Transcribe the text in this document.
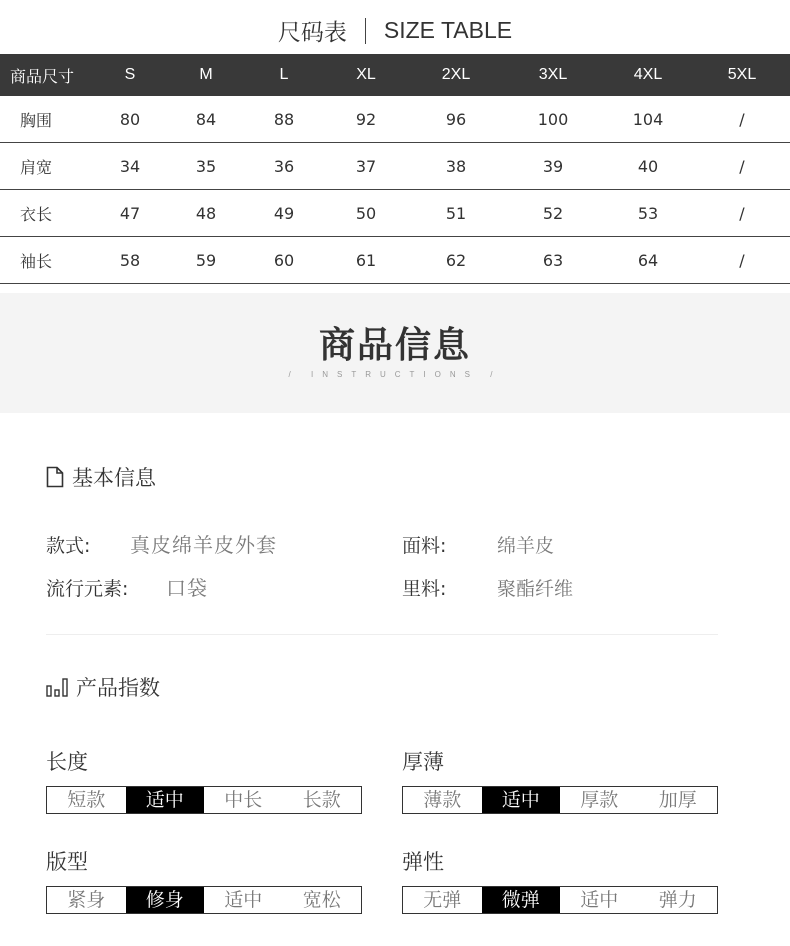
尺码表 SIZE TABLE
商品尺寸	S	M	L	XL	2XL	3XL	4XL	5XL
胸围	80	84	88	92	96	100	104	/
肩宽	34	35	36	37	38	39	40	/
衣长	47	48	49	50	51	52	53	/
袖长	58	59	60	61	62	63	64	/
商品信息
/ INSTRUCTIONS /
基本信息
款式: 真皮绵羊皮外套	面料:	绵羊皮
流行元素: 口袋	里料:	聚酯纤维
产品指数
长度
短款	适中	中长	长款
厚薄
薄款	适中	厚款	加厚
版型
紧身	修身	适中	宽松
弹性
无弹	微弹	适中	弹力
